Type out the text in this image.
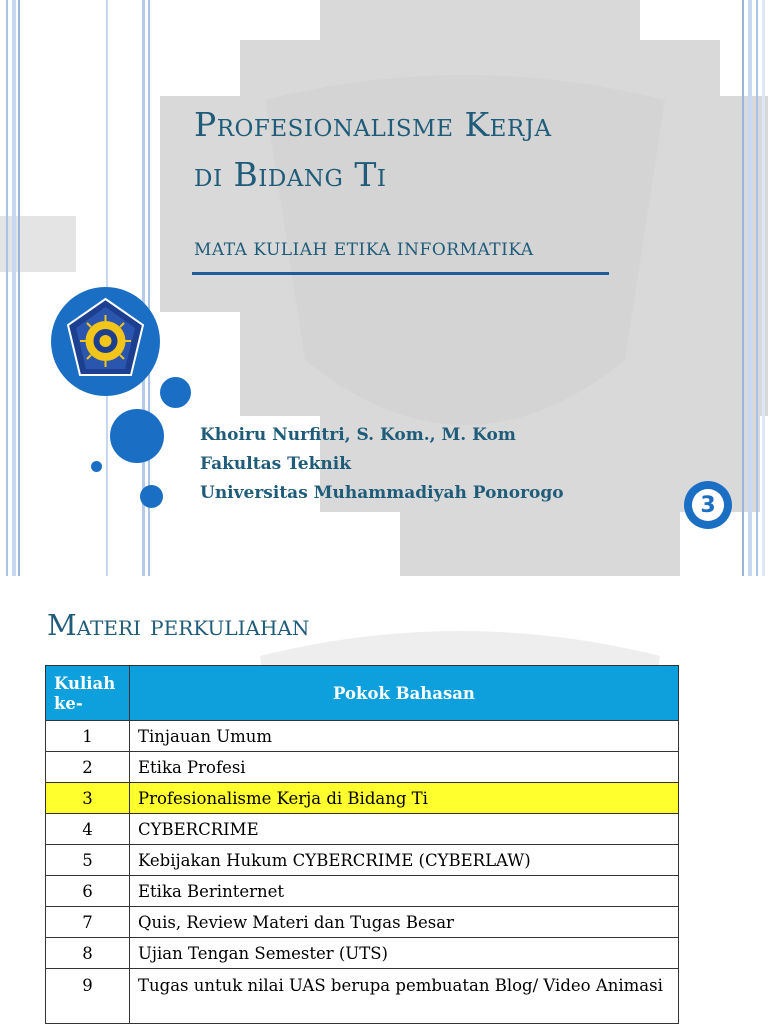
Profesionalisme Kerja
di Bidang Ti
MATA KULIAH ETIKA INFORMATIKA
Khoiru Nurfitri, S. Kom., M. Kom
Fakultas Teknik
Universitas Muhammadiyah Ponorogo	3
Materi perkuliahan
Kuliah ke-	Pokok Bahasan
1	Tinjauan Umum
2	Etika Profesi
3	Profesionalisme Kerja di Bidang Ti
4	CYBERCRIME
5	Kebijakan Hukum CYBERCRIME (CYBERLAW)
6	Etika Berinternet
7	Quis, Review Materi dan Tugas Besar
8	Ujian Tengan Semester (UTS)
9	Tugas untuk nilai UAS berupa pembuatan Blog/ Video Animasi
